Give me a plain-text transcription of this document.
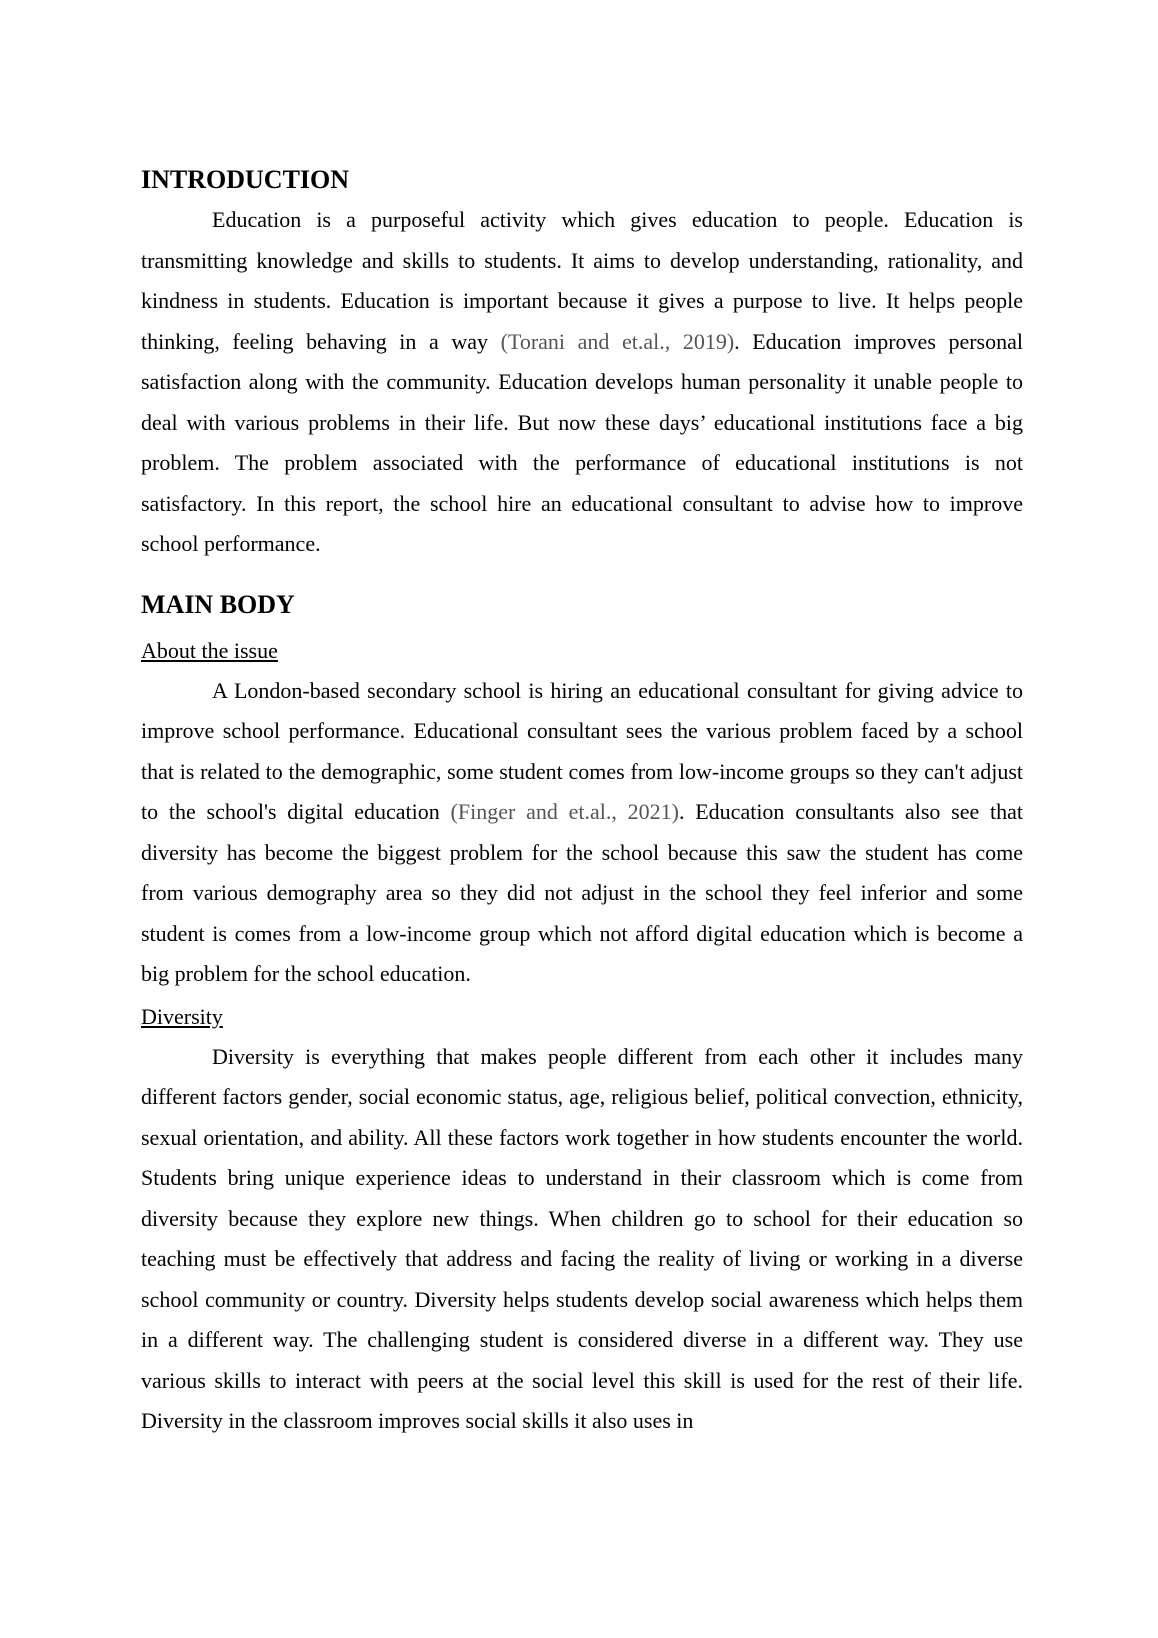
INTRODUCTION

Education is a purposeful activity which gives education to people. Education is transmitting knowledge and skills to students. It aims to develop understanding, rationality, and kindness in students. Education is important because it gives a purpose to live. It helps people thinking, feeling behaving in a way (Torani and et.al., 2019). Education improves personal satisfaction along with the community. Education develops human personality it unable people to deal with various problems in their life. But now these days’ educational institutions face a big problem. The problem associated with the performance of educational institutions is not satisfactory. In this report, the school hire an educational consultant to advise how to improve school performance.

MAIN BODY

About the issue

A London-based secondary school is hiring an educational consultant for giving advice to improve school performance. Educational consultant sees the various problem faced by a school that is related to the demographic, some student comes from low-income groups so they can't adjust to the school's digital education (Finger and et.al., 2021). Education consultants also see that diversity has become the biggest problem for the school because this saw the student has come from various demography area so they did not adjust in the school they feel inferior and some student is comes from a low-income group which not afford digital education which is become a big problem for the school education.

Diversity

Diversity is everything that makes people different from each other it includes many different factors gender, social economic status, age, religious belief, political convection, ethnicity, sexual orientation, and ability. All these factors work together in how students encounter the world. Students bring unique experience ideas to understand in their classroom which is come from diversity because they explore new things. When children go to school for their education so teaching must be effectively that address and facing the reality of living or working in a diverse school community or country. Diversity helps students develop social awareness which helps them in a different way. The challenging student is considered diverse in a different way. They use various skills to interact with peers at the social level this skill is used for the rest of their life. Diversity in the classroom improves social skills it also uses in
